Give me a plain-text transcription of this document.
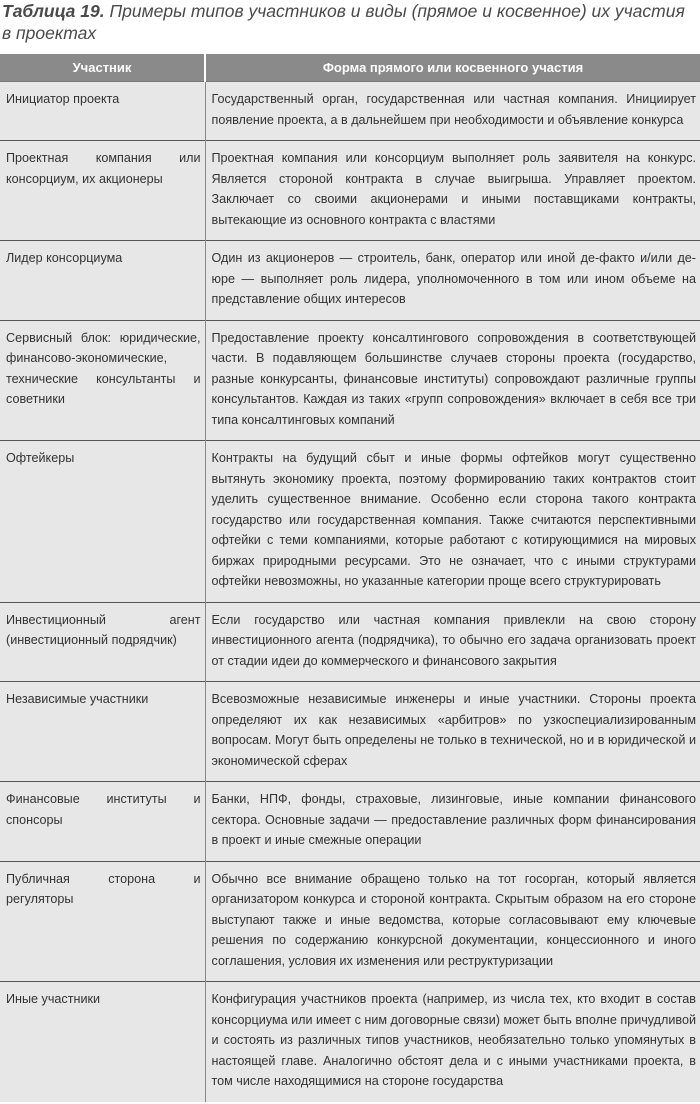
Таблица 19. Примеры типов участников и виды (прямое и косвенное) их участия в проектах
Участник	Форма прямого или косвенного участия
Инициатор проекта	Государственный орган, государственная или частная компания. Инициирует появление проекта, а в дальнейшем при необходимости и объявление конкурса
Проектная компания или консорциум, их акционеры	Проектная компания или консорциум выполняет роль заявителя на конкурс. Является стороной контракта в случае выигрыша. Управляет проектом. Заключает со своими акционерами и иными поставщиками контракты, вытекающие из основного контракта с властями
Лидер консорциума	Один из акционеров — строитель, банк, оператор или иной де-факто и/или де-юре — выполняет роль лидера, уполномоченного в том или ином объеме на представление общих интересов
Сервисный блок: юридические, финансово-экономические, технические консультанты и советники	Предоставление проекту консалтингового сопровождения в соответствующей части. В подавляющем большинстве случаев стороны проекта (государство, разные конкурсанты, финансовые институты) сопровождают различные группы консультантов. Каждая из таких «групп сопровождения» включает в себя все три типа консалтинговых компаний
Офтейкеры	Контракты на будущий сбыт и иные формы офтейков могут существенно вытянуть экономику проекта, поэтому формированию таких контрактов стоит уделить существенное внимание. Особенно если сторона такого контракта государство или государственная компания. Также считаются перспективными офтейки с теми компаниями, которые работают с котирующимися на мировых биржах природными ресурсами. Это не означает, что с иными структурами офтейки невозможны, но указанные категории проще всего структурировать
Инвестиционный агент (инвестиционный подрядчик)	Если государство или частная компания привлекли на свою сторону инвестиционного агента (подрядчика), то обычно его задача организовать проект от стадии идеи до коммерческого и финансового закрытия
Независимые участники	Всевозможные независимые инженеры и иные участники. Стороны проекта определяют их как независимых «арбитров» по узкоспециализированным вопросам. Могут быть определены не только в технической, но и в юридической и экономической сферах
Финансовые институты и спонсоры	Банки, НПФ, фонды, страховые, лизинговые, иные компании финансового сектора. Основные задачи — предоставление различных форм финансирования в проект и иные смежные операции
Публичная сторона и регуляторы	Обычно все внимание обращено только на тот госорган, который является организатором конкурса и стороной контракта. Скрытым образом на его стороне выступают также и иные ведомства, которые согласовывают ему ключевые решения по содержанию конкурсной документации, концессионного и иного соглашения, условия их изменения или реструктуризации
Иные участники	Конфигурация участников проекта (например, из числа тех, кто входит в состав консорциума или имеет с ним договорные связи) может быть вполне причудливой и состоять из различных типов участников, необязательно только упомянутых в настоящей главе. Аналогично обстоят дела и с иными участниками проекта, в том числе находящимися на стороне государства
